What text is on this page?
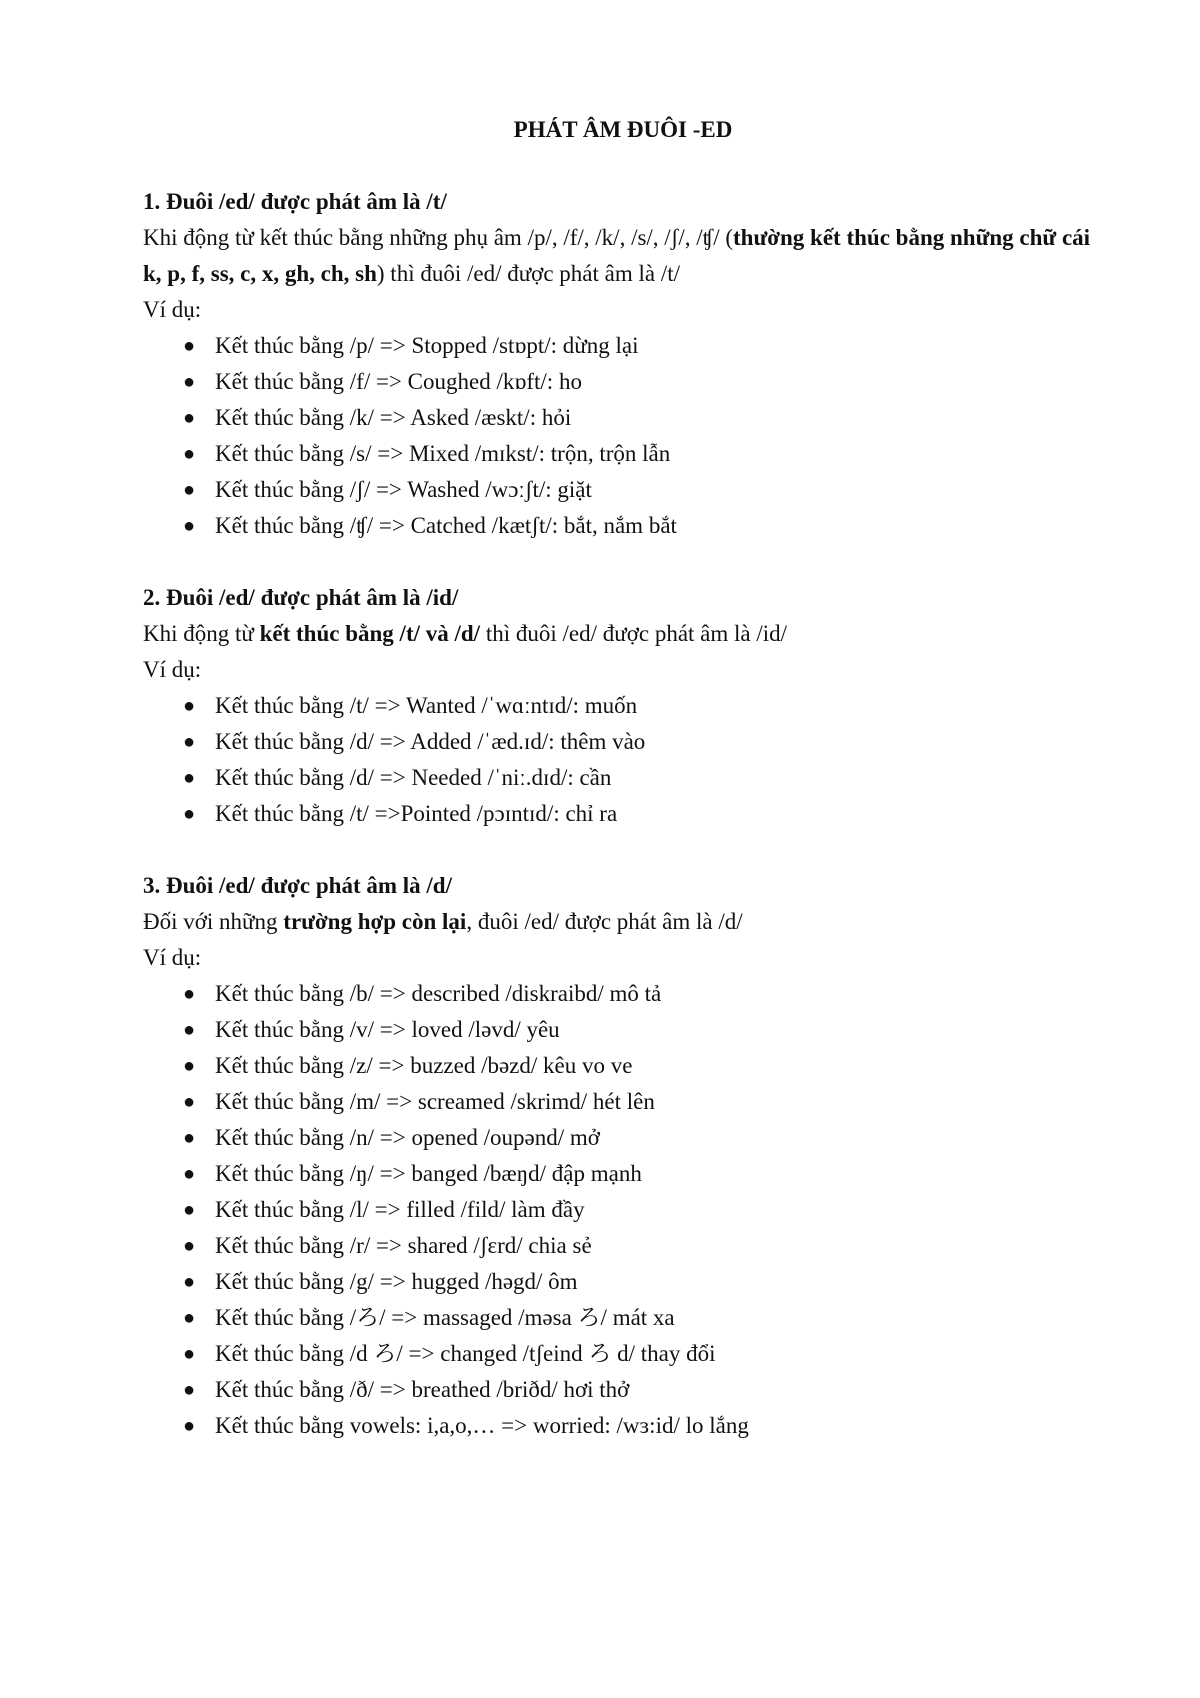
PHÁT ÂM ĐUÔI -ED

1. Đuôi /ed/ được phát âm là /t/

Khi động từ kết thúc bằng những phụ âm /p/, /f/, /k/, /s/, /ʃ/, /ʧ/ (thường kết thúc bằng những chữ cái k, p, f, ss, c, x, gh, ch, sh) thì đuôi /ed/ được phát âm là /t/

Ví dụ:

● Kết thúc bằng /p/ => Stopped /stɒpt/: dừng lại
● Kết thúc bằng /f/ => Coughed /kɒft/: ho
● Kết thúc bằng /k/ => Asked /æskt/: hỏi
● Kết thúc bằng /s/ => Mixed /mɪkst/: trộn, trộn lẫn
● Kết thúc bằng /ʃ/ => Washed /wɔːʃt/: giặt
● Kết thúc bằng /ʧ/ => Catched /kætʃt/: bắt, nắm bắt

2. Đuôi /ed/ được phát âm là /id/

Khi động từ kết thúc bằng /t/ và /d/ thì đuôi /ed/ được phát âm là /id/

Ví dụ:

● Kết thúc bằng /t/ => Wanted /ˈwɑːntɪd/: muốn
● Kết thúc bằng /d/ => Added /ˈæd.ɪd/: thêm vào
● Kết thúc bằng /d/ => Needed /ˈniː.dɪd/: cần
● Kết thúc bằng /t/ =>Pointed /pɔɪntɪd/: chỉ ra

3. Đuôi /ed/ được phát âm là /d/

Đối với những trường hợp còn lại, đuôi /ed/ được phát âm là /d/

Ví dụ:

● Kết thúc bằng /b/ => described /diskraibd/ mô tả
● Kết thúc bằng /v/ => loved /ləvd/ yêu
● Kết thúc bằng /z/ => buzzed /bəzd/ kêu vo ve
● Kết thúc bằng /m/ => screamed /skrimd/ hét lên
● Kết thúc bằng /n/ => opened /oupənd/ mở
● Kết thúc bằng /ŋ/ => banged /bæŋd/ đập mạnh
● Kết thúc bằng /l/ => filled /fild/ làm đầy
● Kết thúc bằng /r/ => shared /ʃεrd/ chia sẻ
● Kết thúc bằng /g/ => hugged /həgd/ ôm
● Kết thúc bằng /ろ/ => massaged /məsa ろ/ mát xa
● Kết thúc bằng /d ろ/ => changed /tʃeind ろ d/ thay đổi
● Kết thúc bằng /ð/ => breathed /briðd/ hơi thở
● Kết thúc bằng vowels: i,a,o,… => worried: /wɜ:id/ lo lắng
